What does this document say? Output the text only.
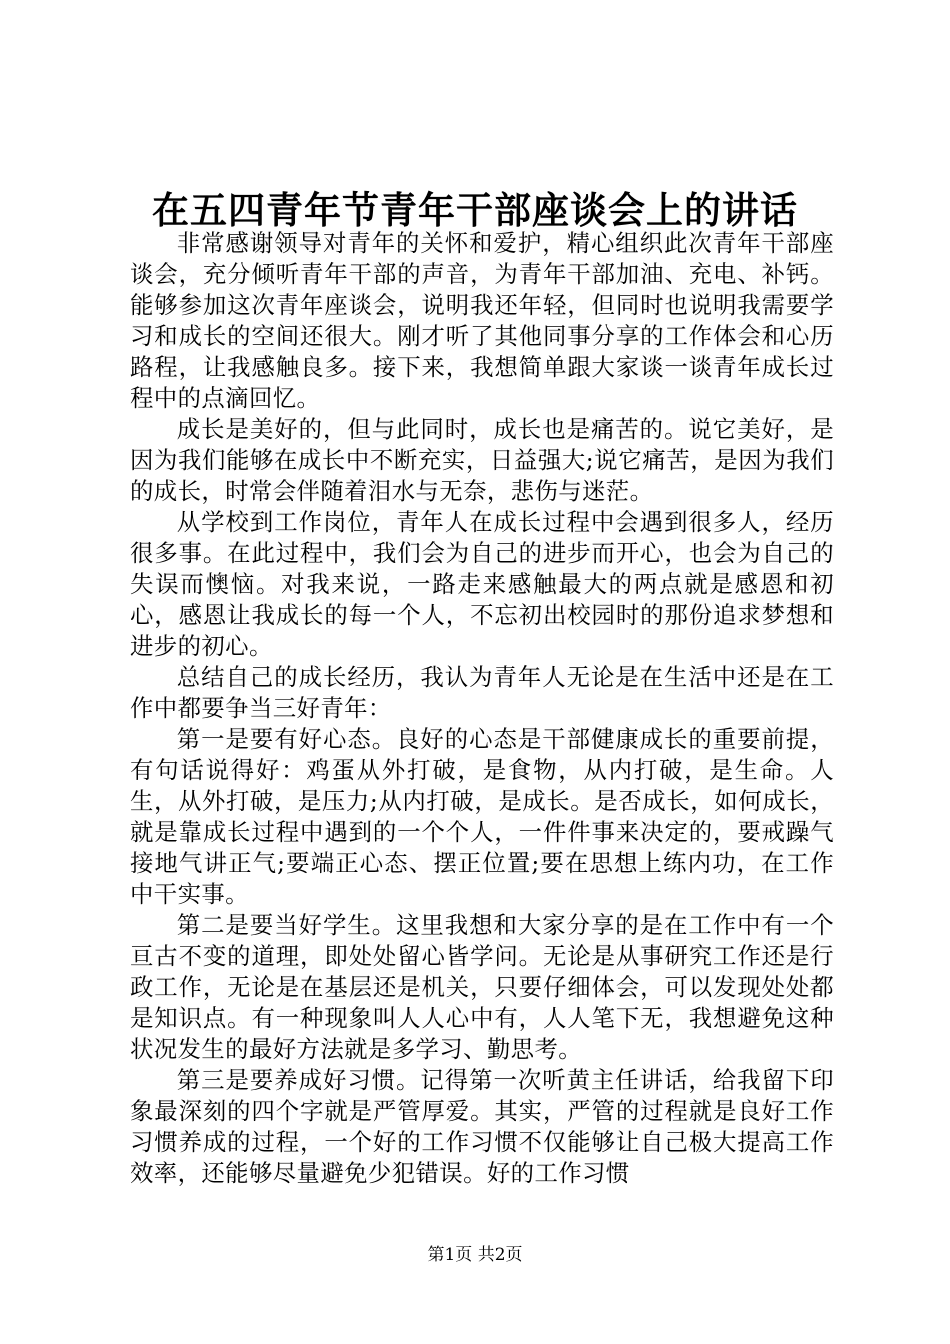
在五四青年节青年干部座谈会上的讲话

非常感谢领导对青年的关怀和爱护，精心组织此次青年干部座谈会，充分倾听青年干部的声音，为青年干部加油、充电、补钙。能够参加这次青年座谈会，说明我还年轻，但同时也说明我需要学习和成长的空间还很大。刚才听了其他同事分享的工作体会和心历路程，让我感触良多。接下来，我想简单跟大家谈一谈青年成长过程中的点滴回忆。

成长是美好的，但与此同时，成长也是痛苦的。说它美好，是因为我们能够在成长中不断充实，日益强大;说它痛苦，是因为我们的成长，时常会伴随着泪水与无奈，悲伤与迷茫。

从学校到工作岗位，青年人在成长过程中会遇到很多人，经历很多事。在此过程中，我们会为自己的进步而开心，也会为自己的失误而懊恼。对我来说，一路走来感触最大的两点就是感恩和初心，感恩让我成长的每一个人，不忘初出校园时的那份追求梦想和进步的初心。

总结自己的成长经历，我认为青年人无论是在生活中还是在工作中都要争当三好青年：

第一是要有好心态。良好的心态是干部健康成长的重要前提，有句话说得好：鸡蛋从外打破，是食物，从内打破，是生命。人生，从外打破，是压力;从内打破，是成长。是否成长，如何成长，就是靠成长过程中遇到的一个个人，一件件事来决定的，要戒躁气接地气讲正气;要端正心态、摆正位置;要在思想上练内功，在工作中干实事。

第二是要当好学生。这里我想和大家分享的是在工作中有一个亘古不变的道理，即处处留心皆学问。无论是从事研究工作还是行政工作，无论是在基层还是机关，只要仔细体会，可以发现处处都是知识点。有一种现象叫人人心中有，人人笔下无，我想避免这种状况发生的最好方法就是多学习、勤思考。

第三是要养成好习惯。记得第一次听黄主任讲话，给我留下印象最深刻的四个字就是严管厚爱。其实，严管的过程就是良好工作习惯养成的过程，一个好的工作习惯不仅能够让自己极大提高工作效率，还能够尽量避免少犯错误。好的工作习惯

第1页 共2页
